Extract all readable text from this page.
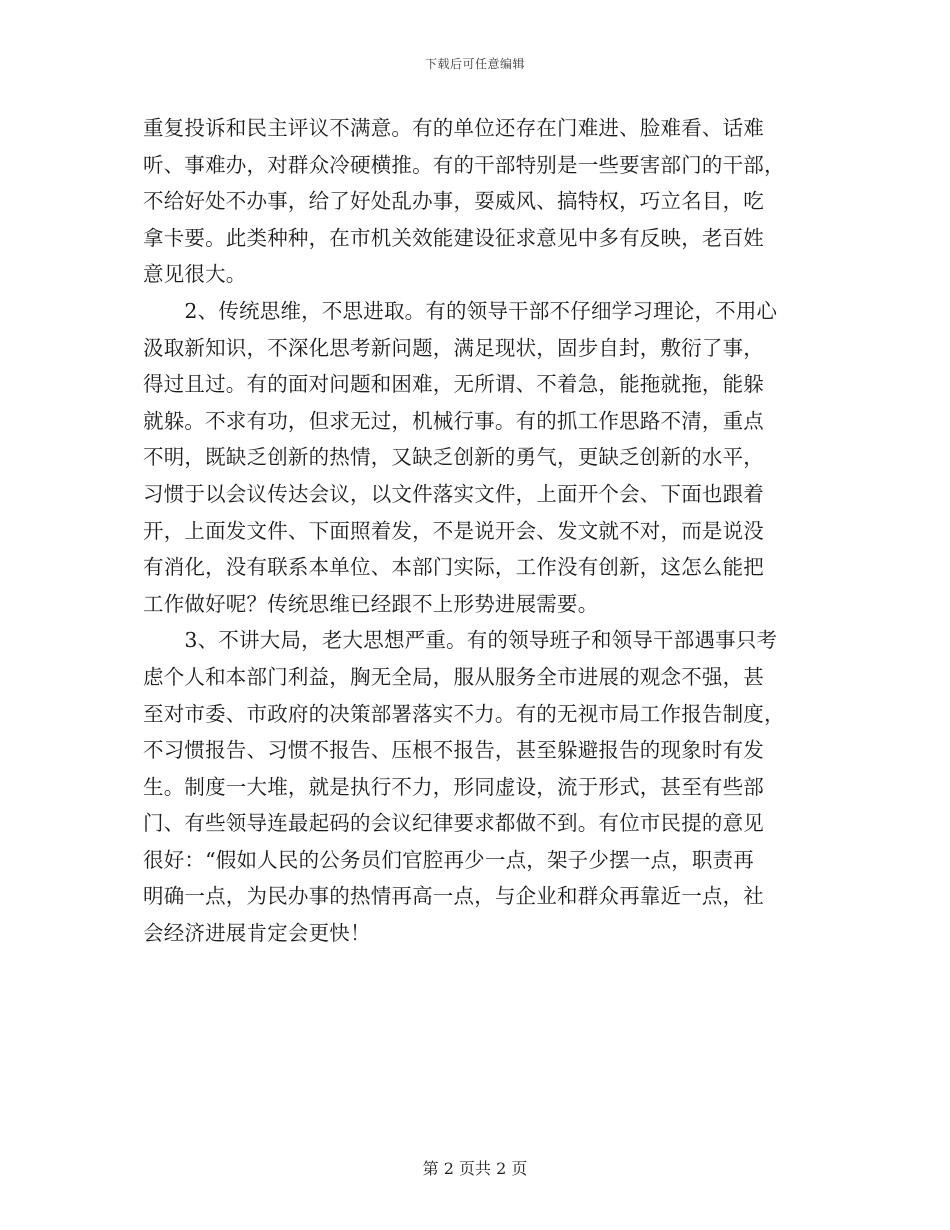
下载后可任意编辑
重复投诉和民主评议不满意。有的单位还存在门难进、脸难看、话难
听、事难办，对群众冷硬横推。有的干部特别是一些要害部门的干部，
不给好处不办事，给了好处乱办事，耍威风、搞特权，巧立名目，吃
拿卡要。此类种种，在市机关效能建设征求意见中多有反映，老百姓
意见很大。
　　2、传统思维，不思进取。有的领导干部不仔细学习理论，不用心
汲取新知识，不深化思考新问题，满足现状，固步自封，敷衍了事，
得过且过。有的面对问题和困难，无所谓、不着急，能拖就拖，能躲
就躲。不求有功，但求无过，机械行事。有的抓工作思路不清，重点
不明，既缺乏创新的热情，又缺乏创新的勇气，更缺乏创新的水平，
习惯于以会议传达会议，以文件落实文件，上面开个会、下面也跟着
开，上面发文件、下面照着发，不是说开会、发文就不对，而是说没
有消化，没有联系本单位、本部门实际，工作没有创新，这怎么能把
工作做好呢？传统思维已经跟不上形势进展需要。
　　3、不讲大局，老大思想严重。有的领导班子和领导干部遇事只考
虑个人和本部门利益，胸无全局，服从服务全市进展的观念不强，甚
至对市委、市政府的决策部署落实不力。有的无视市局工作报告制度，
不习惯报告、习惯不报告、压根不报告，甚至躲避报告的现象时有发
生。制度一大堆，就是执行不力，形同虚设，流于形式，甚至有些部
门、有些领导连最起码的会议纪律要求都做不到。有位市民提的意见
很好：“假如人民的公务员们官腔再少一点，架子少摆一点，职责再
明确一点，为民办事的热情再高一点，与企业和群众再靠近一点，社
会经济进展肯定会更快！
第 2 页共 2 页
